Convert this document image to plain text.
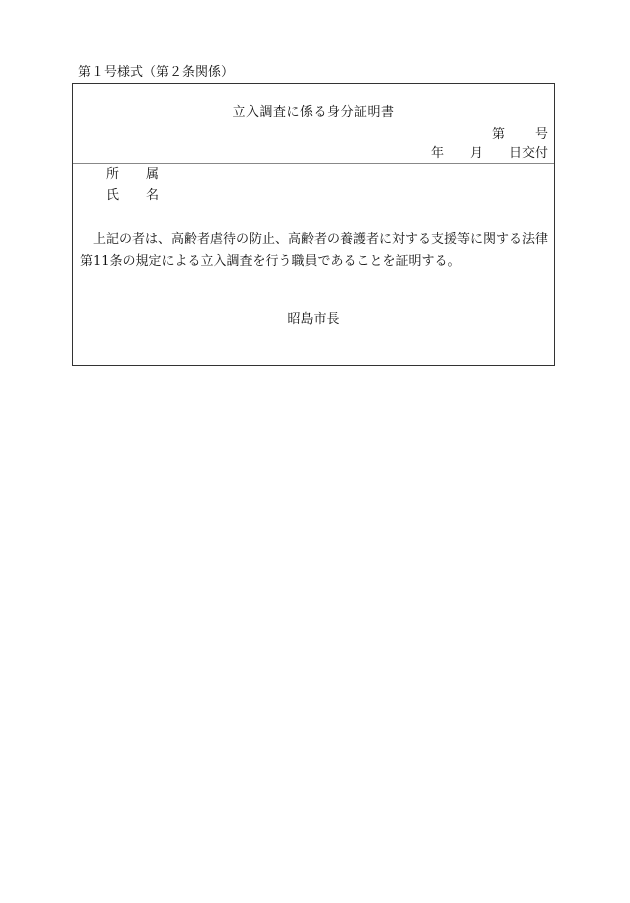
第１号様式（第２条関係）
立入調査に係る身分証明書
第 号
年 月 日交付
所 属
氏 名
上記の者は、高齢者虐待の防止、高齢者の養護者に対する支援等に関する法律第11条の規定による立入調査を行う職員であることを証明する。
昭島市長
